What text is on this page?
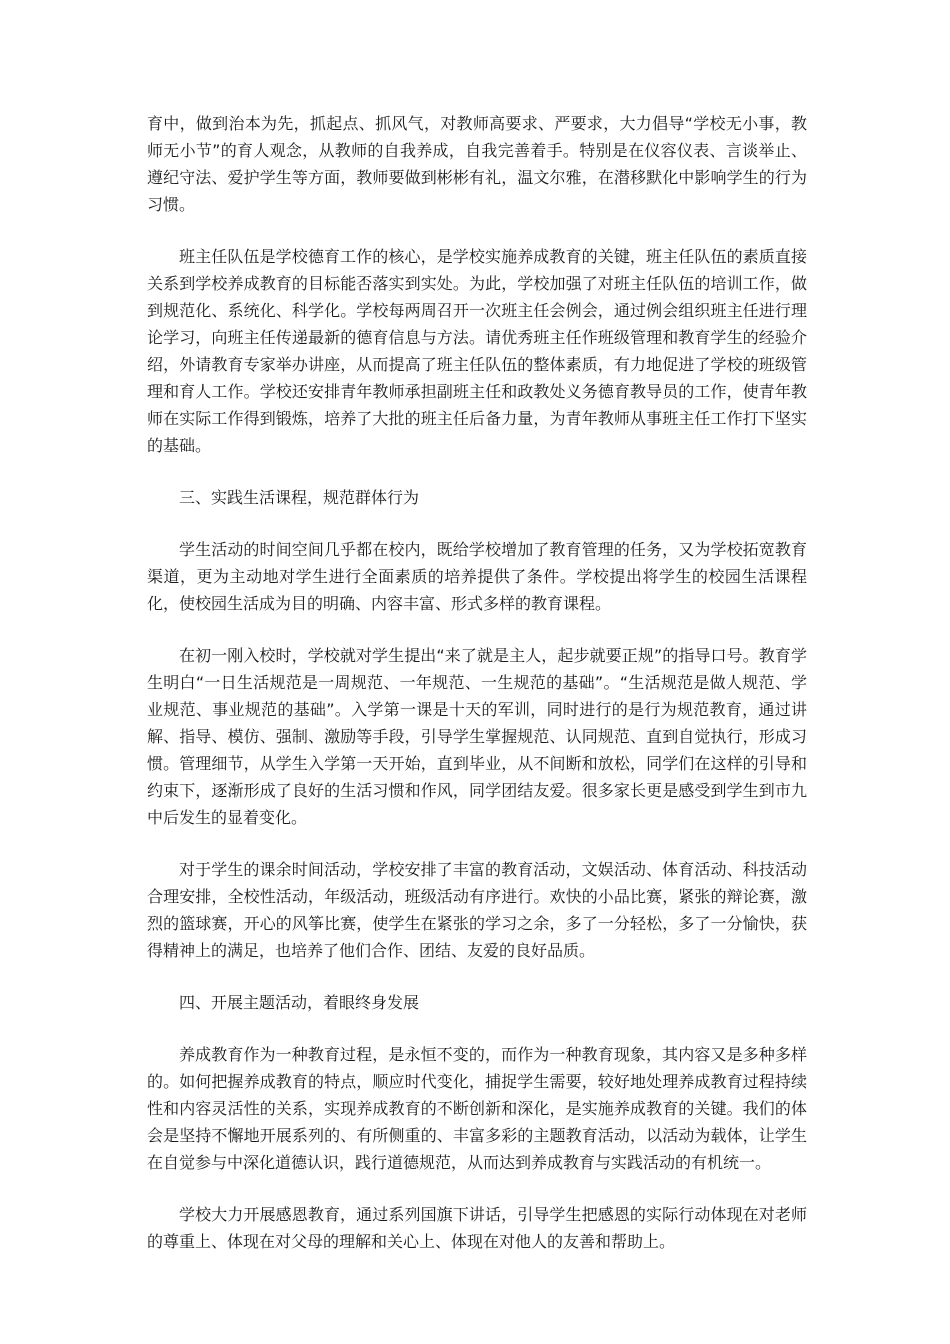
育中，做到治本为先，抓起点、抓风气，对教师高要求、严要求，大力倡导“学校无小事，教师无小节”的育人观念，从教师的自我养成，自我完善着手。特别是在仪容仪表、言谈举止、遵纪守法、爱护学生等方面，教师要做到彬彬有礼，温文尔雅，在潜移默化中影响学生的行为习惯。

班主任队伍是学校德育工作的核心，是学校实施养成教育的关键，班主任队伍的素质直接关系到学校养成教育的目标能否落实到实处。为此，学校加强了对班主任队伍的培训工作，做到规范化、系统化、科学化。学校每两周召开一次班主任会例会，通过例会组织班主任进行理论学习，向班主任传递最新的德育信息与方法。请优秀班主任作班级管理和教育学生的经验介绍，外请教育专家举办讲座，从而提高了班主任队伍的整体素质，有力地促进了学校的班级管理和育人工作。学校还安排青年教师承担副班主任和政教处义务德育教导员的工作，使青年教师在实际工作得到锻炼，培养了大批的班主任后备力量，为青年教师从事班主任工作打下坚实的基础。

三、实践生活课程，规范群体行为

学生活动的时间空间几乎都在校内，既给学校增加了教育管理的任务，又为学校拓宽教育渠道，更为主动地对学生进行全面素质的培养提供了条件。学校提出将学生的校园生活课程化，使校园生活成为目的明确、内容丰富、形式多样的教育课程。

在初一刚入校时，学校就对学生提出“来了就是主人，起步就要正规”的指导口号。教育学生明白“一日生活规范是一周规范、一年规范、一生规范的基础”。“生活规范是做人规范、学业规范、事业规范的基础”。入学第一课是十天的军训，同时进行的是行为规范教育，通过讲解、指导、模仿、强制、激励等手段，引导学生掌握规范、认同规范、直到自觉执行，形成习惯。管理细节，从学生入学第一天开始，直到毕业，从不间断和放松，同学们在这样的引导和约束下，逐渐形成了良好的生活习惯和作风，同学团结友爱。很多家长更是感受到学生到市九中后发生的显着变化。

对于学生的课余时间活动，学校安排了丰富的教育活动，文娱活动、体育活动、科技活动合理安排，全校性活动，年级活动，班级活动有序进行。欢快的小品比赛，紧张的辩论赛，激烈的篮球赛，开心的风筝比赛，使学生在紧张的学习之余，多了一分轻松，多了一分愉快，获得精神上的满足，也培养了他们合作、团结、友爱的良好品质。

四、开展主题活动，着眼终身发展

养成教育作为一种教育过程，是永恒不变的，而作为一种教育现象，其内容又是多种多样的。如何把握养成教育的特点，顺应时代变化，捕捉学生需要，较好地处理养成教育过程持续性和内容灵活性的关系，实现养成教育的不断创新和深化，是实施养成教育的关键。我们的体会是坚持不懈地开展系列的、有所侧重的、丰富多彩的主题教育活动，以活动为载体，让学生在自觉参与中深化道德认识，践行道德规范，从而达到养成教育与实践活动的有机统一。

学校大力开展感恩教育，通过系列国旗下讲话，引导学生把感恩的实际行动体现在对老师的尊重上、体现在对父母的理解和关心上、体现在对他人的友善和帮助上。
